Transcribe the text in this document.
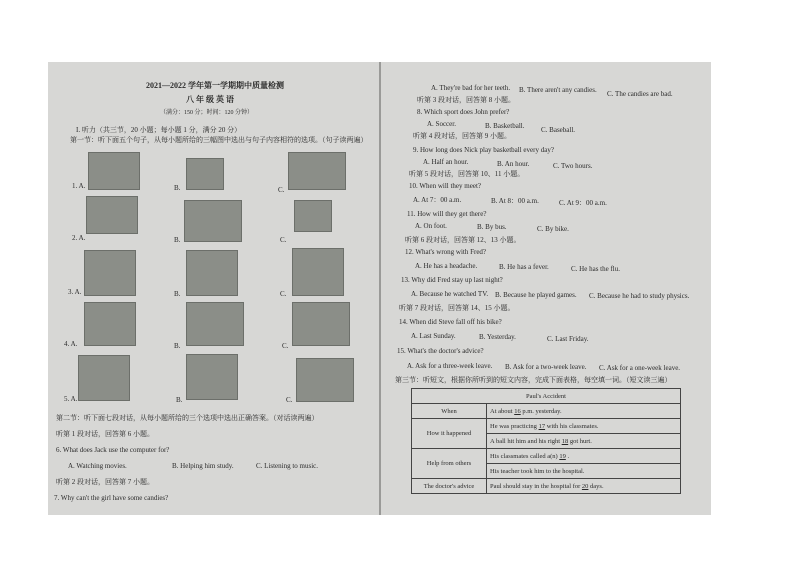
2021—2022 学年第一学期期中质量检测
八 年 级 英 语
（满分：150 分；时间：120 分钟）
I. 听力（共三节，20 小题；每小题 1 分，满分 20 分）
第一节：听下面五个句子，从每小题所给的三幅图中选出与句子内容相符的选项。（句子读两遍）
1. A.	B.	C.
2. A.	B.	C.
3. A.	B.	C.
4. A.	B.	C.
5. A.	B.	C.
第二节：听下面七段对话，从每小题所给的三个选项中选出正确答案。（对话读两遍）
听第 1 段对话，回答第 6 小题。
6. What does Jack use the computer for?
A. Watching movies.	B. Helping him study.	C. Listening to music.
听第 2 段对话，回答第 7 小题。
7. Why can't the girl have some candies?
A. They're bad for her teeth. B. There aren't any candies. C. The candies are bad.
听第 3 段对话，回答第 8 小题。
8. Which sport does John prefer?
A. Soccer.	B. Basketball. C. Baseball.
听第 4 段对话，回答第 9 小题。
9. How long does Nick play basketball every day?
A. Half an hour.	B. An hour.	C. Two hours.
听第 5 段对话，回答第 10、11 小题。
10. When will they meet?
A. At 7：00 a.m.	B. At 8：00 a.m.	C. At 9：00 a.m.
11. How will they get there?
A. On foot.	B. By bus.	C. By bike.
听第 6 段对话，回答第 12、13 小题。
12. What's wrong with Fred?
A. He has a headache.	B. He has a fever.	C. He has the flu.
13. Why did Fred stay up last night?
A. Because he watched TV. B. Because he played games. C. Because he had to study physics.
听第 7 段对话，回答第 14、15 小题。
14. When did Steve fall off his bike?
A. Last Sunday.	B. Yesterday.	C. Last Friday.
15. What's the doctor's advice?
A. Ask for a three-week leave. B. Ask for a two-week leave. C. Ask for a one-week leave.
第三节：听短文，根据你所听到的短文内容，完成下面表格，每空填一词。（短文读三遍）
Paul's Accident	
When	At about 16 p.m. yesterday.
How it happened	He was practicing 17 with his classmates.
	A ball hit him and his right 18 got hurt.
Help from others	His classmates called a(n) 19 .
	His teacher took him to the hospital.
The doctor's advice	Paul should stay in the hospital for 20 days.
